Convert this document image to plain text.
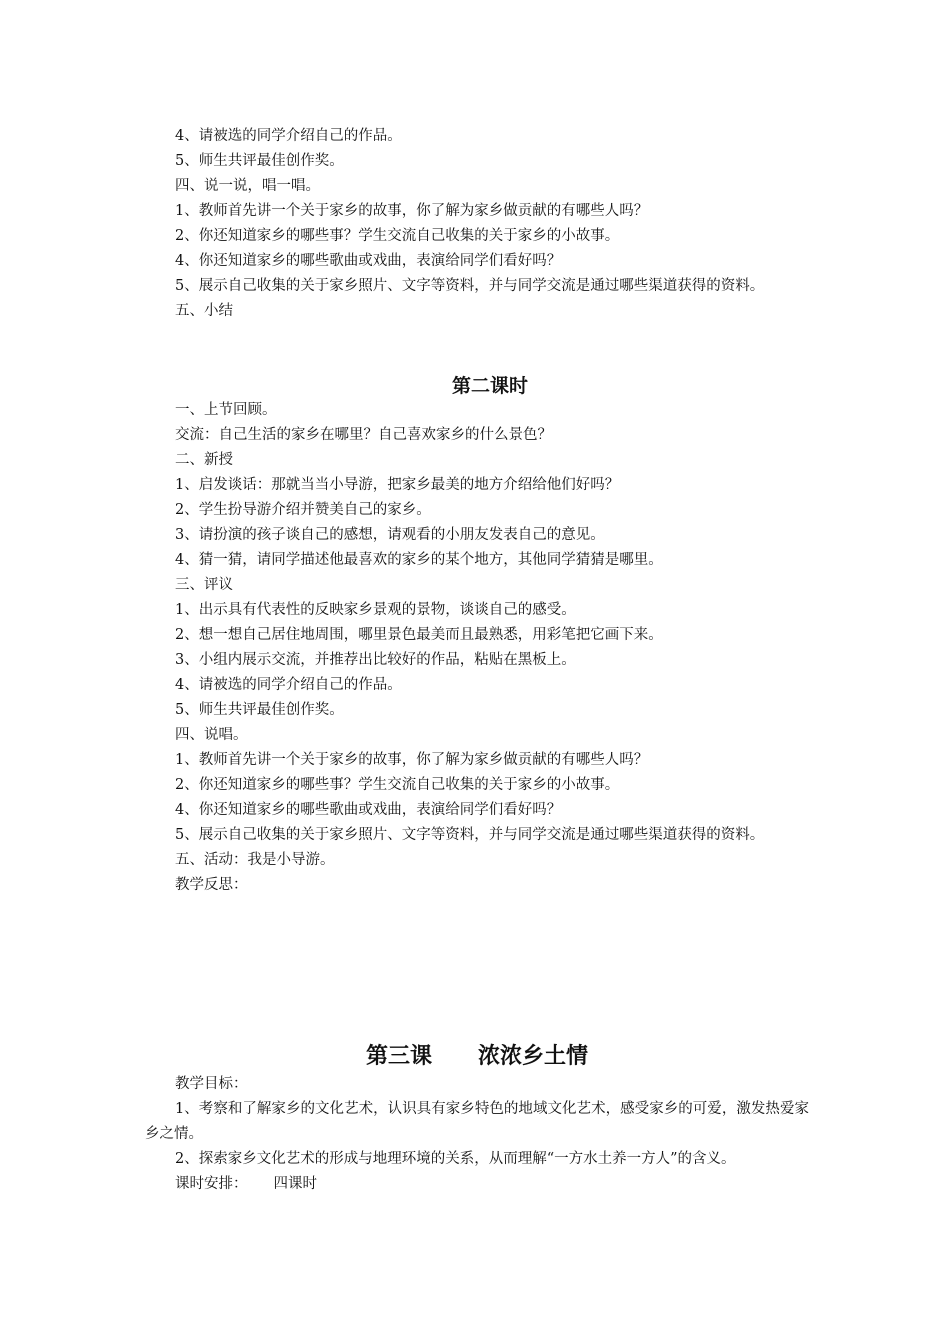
4、请被选的同学介绍自己的作品。
5、师生共评最佳创作奖。
四、说一说，唱一唱。
1、教师首先讲一个关于家乡的故事，你了解为家乡做贡献的有哪些人吗？
2、你还知道家乡的哪些事？学生交流自己收集的关于家乡的小故事。
4、你还知道家乡的哪些歌曲或戏曲，表演给同学们看好吗？
5、展示自己收集的关于家乡照片、文字等资料，并与同学交流是通过哪些渠道获得的资料。
五、小结
第二课时
一、上节回顾。
交流：自己生活的家乡在哪里？自己喜欢家乡的什么景色？
二、新授
1、启发谈话：那就当当小导游，把家乡最美的地方介绍给他们好吗？
2、学生扮导游介绍并赞美自己的家乡。
3、请扮演的孩子谈自己的感想，请观看的小朋友发表自己的意见。
4、猜一猜，请同学描述他最喜欢的家乡的某个地方，其他同学猜猜是哪里。
三、评议
1、出示具有代表性的反映家乡景观的景物，谈谈自己的感受。
2、想一想自己居住地周围，哪里景色最美而且最熟悉，用彩笔把它画下来。
3、小组内展示交流，并推荐出比较好的作品，粘贴在黑板上。
4、请被选的同学介绍自己的作品。
5、师生共评最佳创作奖。
四、说唱。
1、教师首先讲一个关于家乡的故事，你了解为家乡做贡献的有哪些人吗？
2、你还知道家乡的哪些事？学生交流自己收集的关于家乡的小故事。
4、你还知道家乡的哪些歌曲或戏曲，表演给同学们看好吗？
5、展示自己收集的关于家乡照片、文字等资料，并与同学交流是通过哪些渠道获得的资料。
五、活动：我是小导游。
教学反思：
第三课 浓浓乡土情
教学目标：
1、考察和了解家乡的文化艺术，认识具有家乡特色的地域文化艺术，感受家乡的可爱，激发热爱家乡之情。
2、探索家乡文化艺术的形成与地理环境的关系，从而理解“一方水土养一方人”的含义。
课时安排： 四课时
